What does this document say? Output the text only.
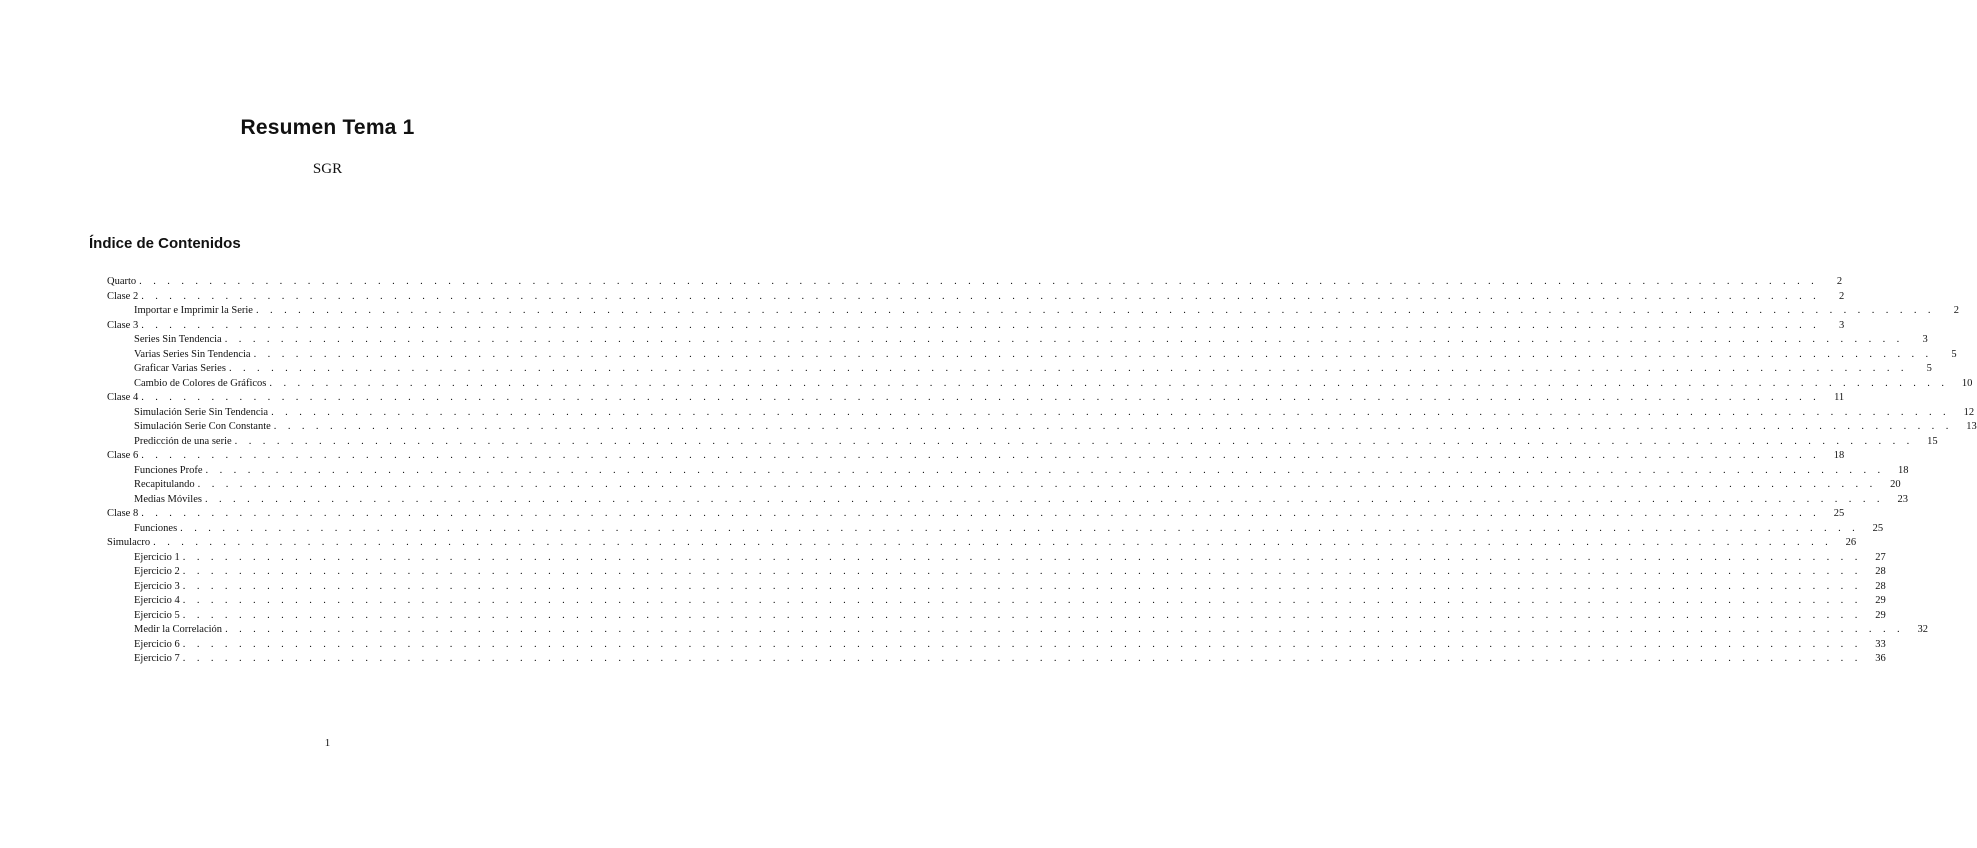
Resumen Tema 1
SGR
Índice de Contenidos
Quarto . . . . . . . . . . . . . . . . . . . . . . . . . . . . . . . . . . . . . . . . . . . . . . . . . . . . . . . . . . . . . . . . . . . . . . . . . . . . . . . . . . . . . . . . . . . . . . . . . . . . . . . . . . . . . . . . . . . . . . . .	2
Clase 2 . . . . . . . . . . . . . . . . . . . . . . . . . . . . . . . . . . . . . . . . . . . . . . . . . . . . . . . . . . . . . . . . . . . . . . . . . . . . . . . . . . . . . . . . . . . . . . . . . . . . . . . . . . . . . . . . . . . . . . . .	2
Importar e Imprimir la Serie . . . . . . . . . . . . . . . . . . . . . . . . . . . . . . . . . . . . . . . . . . . . . . . . . . . . . . . . . . . . . . . . . . . . . . . . . . . . . . . . . . . . . . . . . . . . . . . . . . . . . . . . . . . . . . . . . . . . . . . .	2
Clase 3 . . . . . . . . . . . . . . . . . . . . . . . . . . . . . . . . . . . . . . . . . . . . . . . . . . . . . . . . . . . . . . . . . . . . . . . . . . . . . . . . . . . . . . . . . . . . . . . . . . . . . . . . . . . . . . . . . . . . . . . .	3
Series Sin Tendencia . . . . . . . . . . . . . . . . . . . . . . . . . . . . . . . . . . . . . . . . . . . . . . . . . . . . . . . . . . . . . . . . . . . . . . . . . . . . . . . . . . . . . . . . . . . . . . . . . . . . . . . . . . . . . . . . . . . . . . . .	3
Varias Series Sin Tendencia . . . . . . . . . . . . . . . . . . . . . . . . . . . . . . . . . . . . . . . . . . . . . . . . . . . . . . . . . . . . . . . . . . . . . . . . . . . . . . . . . . . . . . . . . . . . . . . . . . . . . . . . . . . . . . . . . . . . . . . .	5
Graficar Varias Series . . . . . . . . . . . . . . . . . . . . . . . . . . . . . . . . . . . . . . . . . . . . . . . . . . . . . . . . . . . . . . . . . . . . . . . . . . . . . . . . . . . . . . . . . . . . . . . . . . . . . . . . . . . . . . . . . . . . . . . .	5
Cambio de Colores de Gráficos . . . . . . . . . . . . . . . . . . . . . . . . . . . . . . . . . . . . . . . . . . . . . . . . . . . . . . . . . . . . . . . . . . . . . . . . . . . . . . . . . . . . . . . . . . . . . . . . . . . . . . . . . . . . . . . . . . . . . . . .	10
Clase 4 . . . . . . . . . . . . . . . . . . . . . . . . . . . . . . . . . . . . . . . . . . . . . . . . . . . . . . . . . . . . . . . . . . . . . . . . . . . . . . . . . . . . . . . . . . . . . . . . . . . . . . . . . . . . . . . . . . . . . . . .	11
Simulación Serie Sin Tendencia . . . . . . . . . . . . . . . . . . . . . . . . . . . . . . . . . . . . . . . . . . . . . . . . . . . . . . . . . . . . . . . . . . . . . . . . . . . . . . . . . . . . . . . . . . . . . . . . . . . . . . . . . . . . . . . . . . . . . . . .	12
Simulación Serie Con Constante . . . . . . . . . . . . . . . . . . . . . . . . . . . . . . . . . . . . . . . . . . . . . . . . . . . . . . . . . . . . . . . . . . . . . . . . . . . . . . . . . . . . . . . . . . . . . . . . . . . . . . . . . . . . . . . . . . . . . . . .	13
Predicción de una serie . . . . . . . . . . . . . . . . . . . . . . . . . . . . . . . . . . . . . . . . . . . . . . . . . . . . . . . . . . . . . . . . . . . . . . . . . . . . . . . . . . . . . . . . . . . . . . . . . . . . . . . . . . . . . . . . . . . . . . . .	15
Clase 6 . . . . . . . . . . . . . . . . . . . . . . . . . . . . . . . . . . . . . . . . . . . . . . . . . . . . . . . . . . . . . . . . . . . . . . . . . . . . . . . . . . . . . . . . . . . . . . . . . . . . . . . . . . . . . . . . . . . . . . . .	18
Funciones Profe . . . . . . . . . . . . . . . . . . . . . . . . . . . . . . . . . . . . . . . . . . . . . . . . . . . . . . . . . . . . . . . . . . . . . . . . . . . . . . . . . . . . . . . . . . . . . . . . . . . . . . . . . . . . . . . . . . . . . . . .	18
Recapitulando . . . . . . . . . . . . . . . . . . . . . . . . . . . . . . . . . . . . . . . . . . . . . . . . . . . . . . . . . . . . . . . . . . . . . . . . . . . . . . . . . . . . . . . . . . . . . . . . . . . . . . . . . . . . . . . . . . . . . . . .	20
Medias Móviles . . . . . . . . . . . . . . . . . . . . . . . . . . . . . . . . . . . . . . . . . . . . . . . . . . . . . . . . . . . . . . . . . . . . . . . . . . . . . . . . . . . . . . . . . . . . . . . . . . . . . . . . . . . . . . . . . . . . . . . .	23
Clase 8 . . . . . . . . . . . . . . . . . . . . . . . . . . . . . . . . . . . . . . . . . . . . . . . . . . . . . . . . . . . . . . . . . . . . . . . . . . . . . . . . . . . . . . . . . . . . . . . . . . . . . . . . . . . . . . . . . . . . . . . .	25
Funciones . . . . . . . . . . . . . . . . . . . . . . . . . . . . . . . . . . . . . . . . . . . . . . . . . . . . . . . . . . . . . . . . . . . . . . . . . . . . . . . . . . . . . . . . . . . . . . . . . . . . . . . . . . . . . . . . . . . . . . . .	25
Simulacro . . . . . . . . . . . . . . . . . . . . . . . . . . . . . . . . . . . . . . . . . . . . . . . . . . . . . . . . . . . . . . . . . . . . . . . . . . . . . . . . . . . . . . . . . . . . . . . . . . . . . . . . . . . . . . . . . . . . . . . .	26
Ejercicio 1 . . . . . . . . . . . . . . . . . . . . . . . . . . . . . . . . . . . . . . . . . . . . . . . . . . . . . . . . . . . . . . . . . . . . . . . . . . . . . . . . . . . . . . . . . . . . . . . . . . . . . . . . . . . . . . . . . . . . . . . .	27
Ejercicio 2 . . . . . . . . . . . . . . . . . . . . . . . . . . . . . . . . . . . . . . . . . . . . . . . . . . . . . . . . . . . . . . . . . . . . . . . . . . . . . . . . . . . . . . . . . . . . . . . . . . . . . . . . . . . . . . . . . . . . . . . .	28
Ejercicio 3 . . . . . . . . . . . . . . . . . . . . . . . . . . . . . . . . . . . . . . . . . . . . . . . . . . . . . . . . . . . . . . . . . . . . . . . . . . . . . . . . . . . . . . . . . . . . . . . . . . . . . . . . . . . . . . . . . . . . . . . .	28
Ejercicio 4 . . . . . . . . . . . . . . . . . . . . . . . . . . . . . . . . . . . . . . . . . . . . . . . . . . . . . . . . . . . . . . . . . . . . . . . . . . . . . . . . . . . . . . . . . . . . . . . . . . . . . . . . . . . . . . . . . . . . . . . .	29
Ejercicio 5 . . . . . . . . . . . . . . . . . . . . . . . . . . . . . . . . . . . . . . . . . . . . . . . . . . . . . . . . . . . . . . . . . . . . . . . . . . . . . . . . . . . . . . . . . . . . . . . . . . . . . . . . . . . . . . . . . . . . . . . .	29
Medir la Correlación . . . . . . . . . . . . . . . . . . . . . . . . . . . . . . . . . . . . . . . . . . . . . . . . . . . . . . . . . . . . . . . . . . . . . . . . . . . . . . . . . . . . . . . . . . . . . . . . . . . . . . . . . . . . . . . . . . . . . . . .	32
Ejercicio 6 . . . . . . . . . . . . . . . . . . . . . . . . . . . . . . . . . . . . . . . . . . . . . . . . . . . . . . . . . . . . . . . . . . . . . . . . . . . . . . . . . . . . . . . . . . . . . . . . . . . . . . . . . . . . . . . . . . . . . . . .	33
Ejercicio 7 . . . . . . . . . . . . . . . . . . . . . . . . . . . . . . . . . . . . . . . . . . . . . . . . . . . . . . . . . . . . . . . . . . . . . . . . . . . . . . . . . . . . . . . . . . . . . . . . . . . . . . . . . . . . . . . . . . . . . . . .	36
1
